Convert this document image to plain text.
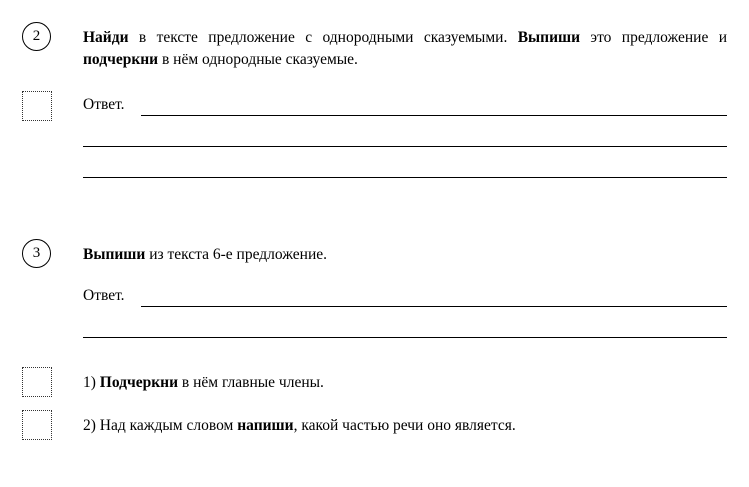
2	Найди в тексте предложение с однородными сказуемыми. Выпиши это предложение и подчеркни в нём однородные сказуемые.
Ответ.
3	Выпиши из текста 6-е предложение.
Ответ.
1) Подчеркни в нём главные члены.
2) Над каждым словом напиши, какой частью речи оно является.
